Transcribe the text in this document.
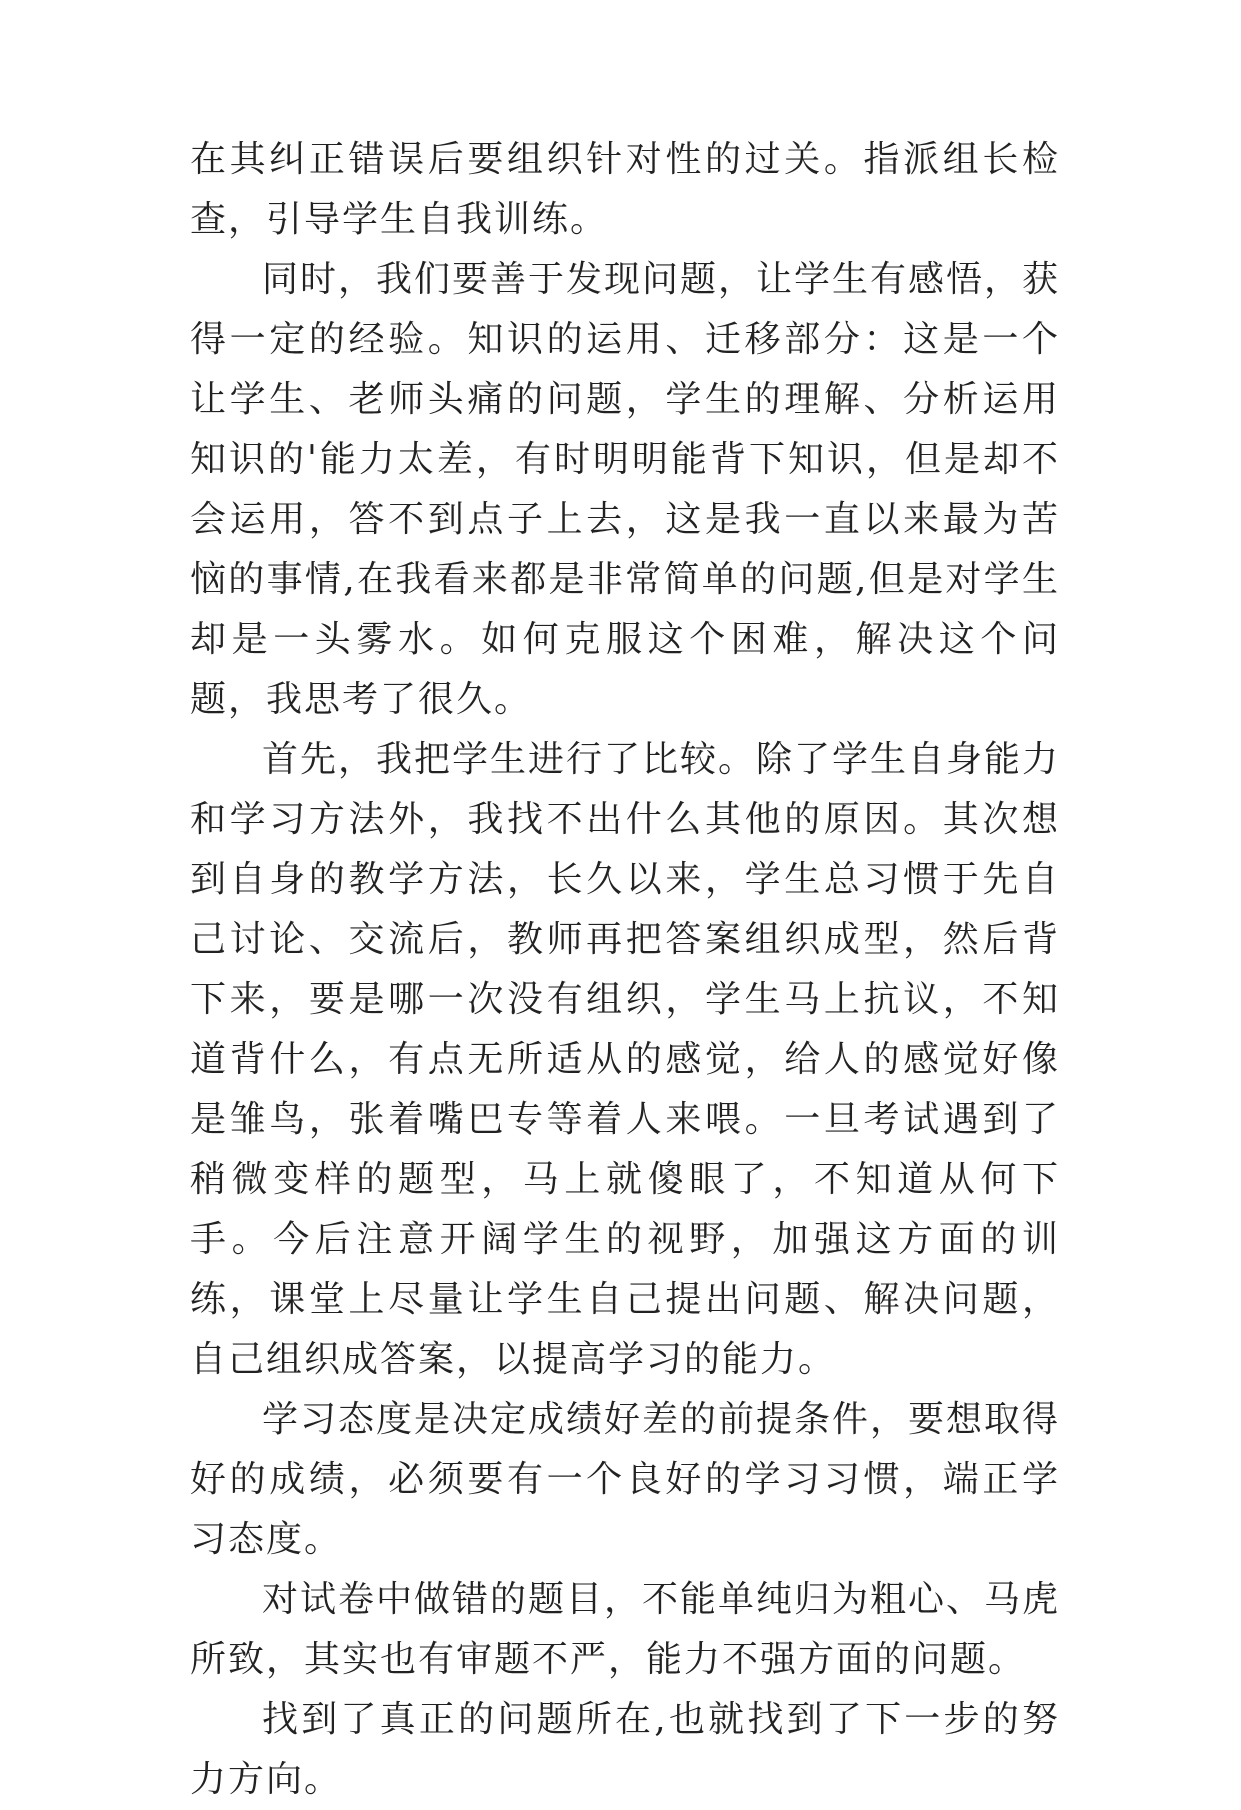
在其纠正错误后要组织针对性的过关。指派组长检查，引导学生自我训练。

同时，我们要善于发现问题，让学生有感悟，获得一定的经验。知识的运用、迁移部分：这是一个让学生、老师头痛的问题，学生的理解、分析运用知识的'能力太差，有时明明能背下知识，但是却不会运用，答不到点子上去，这是我一直以来最为苦恼的事情,在我看来都是非常简单的问题,但是对学生却是一头雾水。如何克服这个困难，解决这个问题，我思考了很久。

首先，我把学生进行了比较。除了学生自身能力和学习方法外，我找不出什么其他的原因。其次想到自身的教学方法，长久以来，学生总习惯于先自己讨论、交流后，教师再把答案组织成型，然后背下来，要是哪一次没有组织，学生马上抗议，不知道背什么，有点无所适从的感觉，给人的感觉好像是雏鸟，张着嘴巴专等着人来喂。一旦考试遇到了稍微变样的题型，马上就傻眼了，不知道从何下手。今后注意开阔学生的视野，加强这方面的训练，课堂上尽量让学生自己提出问题、解决问题，自己组织成答案，以提高学习的能力。

学习态度是决定成绩好差的前提条件，要想取得好的成绩，必须要有一个良好的学习习惯，端正学习态度。

对试卷中做错的题目，不能单纯归为粗心、马虎所致，其实也有审题不严，能力不强方面的问题。

找到了真正的问题所在,也就找到了下一步的努力方向。
